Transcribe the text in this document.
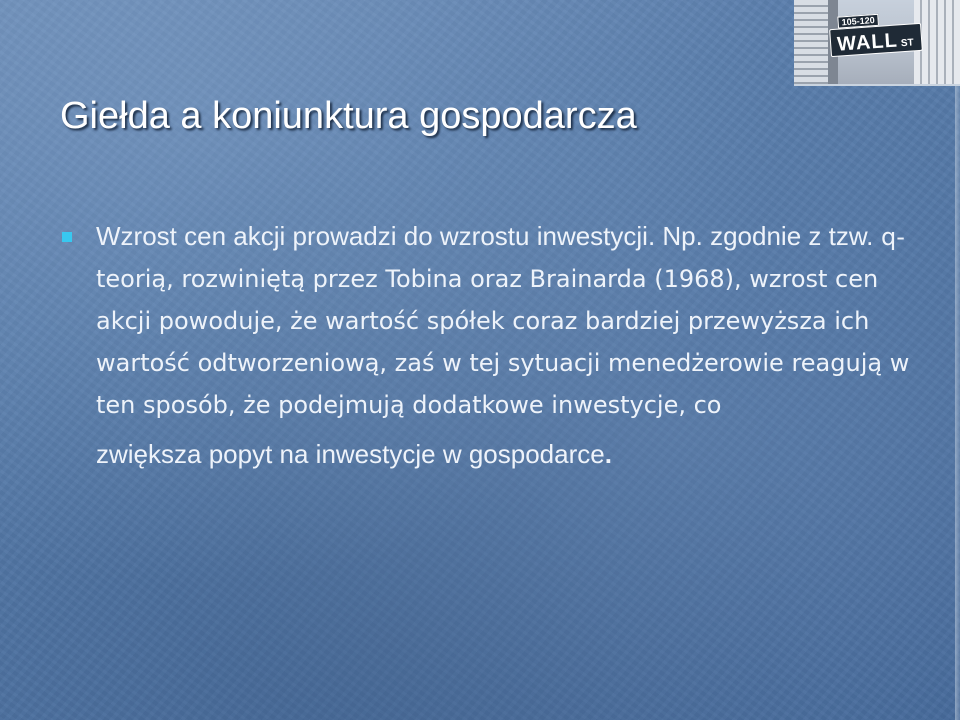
105-120
WALL ST
Giełda a koniunktura gospodarcza

Wzrost cen akcji prowadzi do wzrostu inwestycji. Np. zgodnie z tzw. q-teorią, rozwiniętą przez Tobina oraz Brainarda (1968), wzrost cen akcji powoduje, że wartość spółek coraz bardziej przewyższa ich wartość odtworzeniową, zaś w tej sytuacji menedżerowie reagują w ten sposób, że podejmują dodatkowe inwestycje, co
zwiększa popyt na inwestycje w gospodarce.
